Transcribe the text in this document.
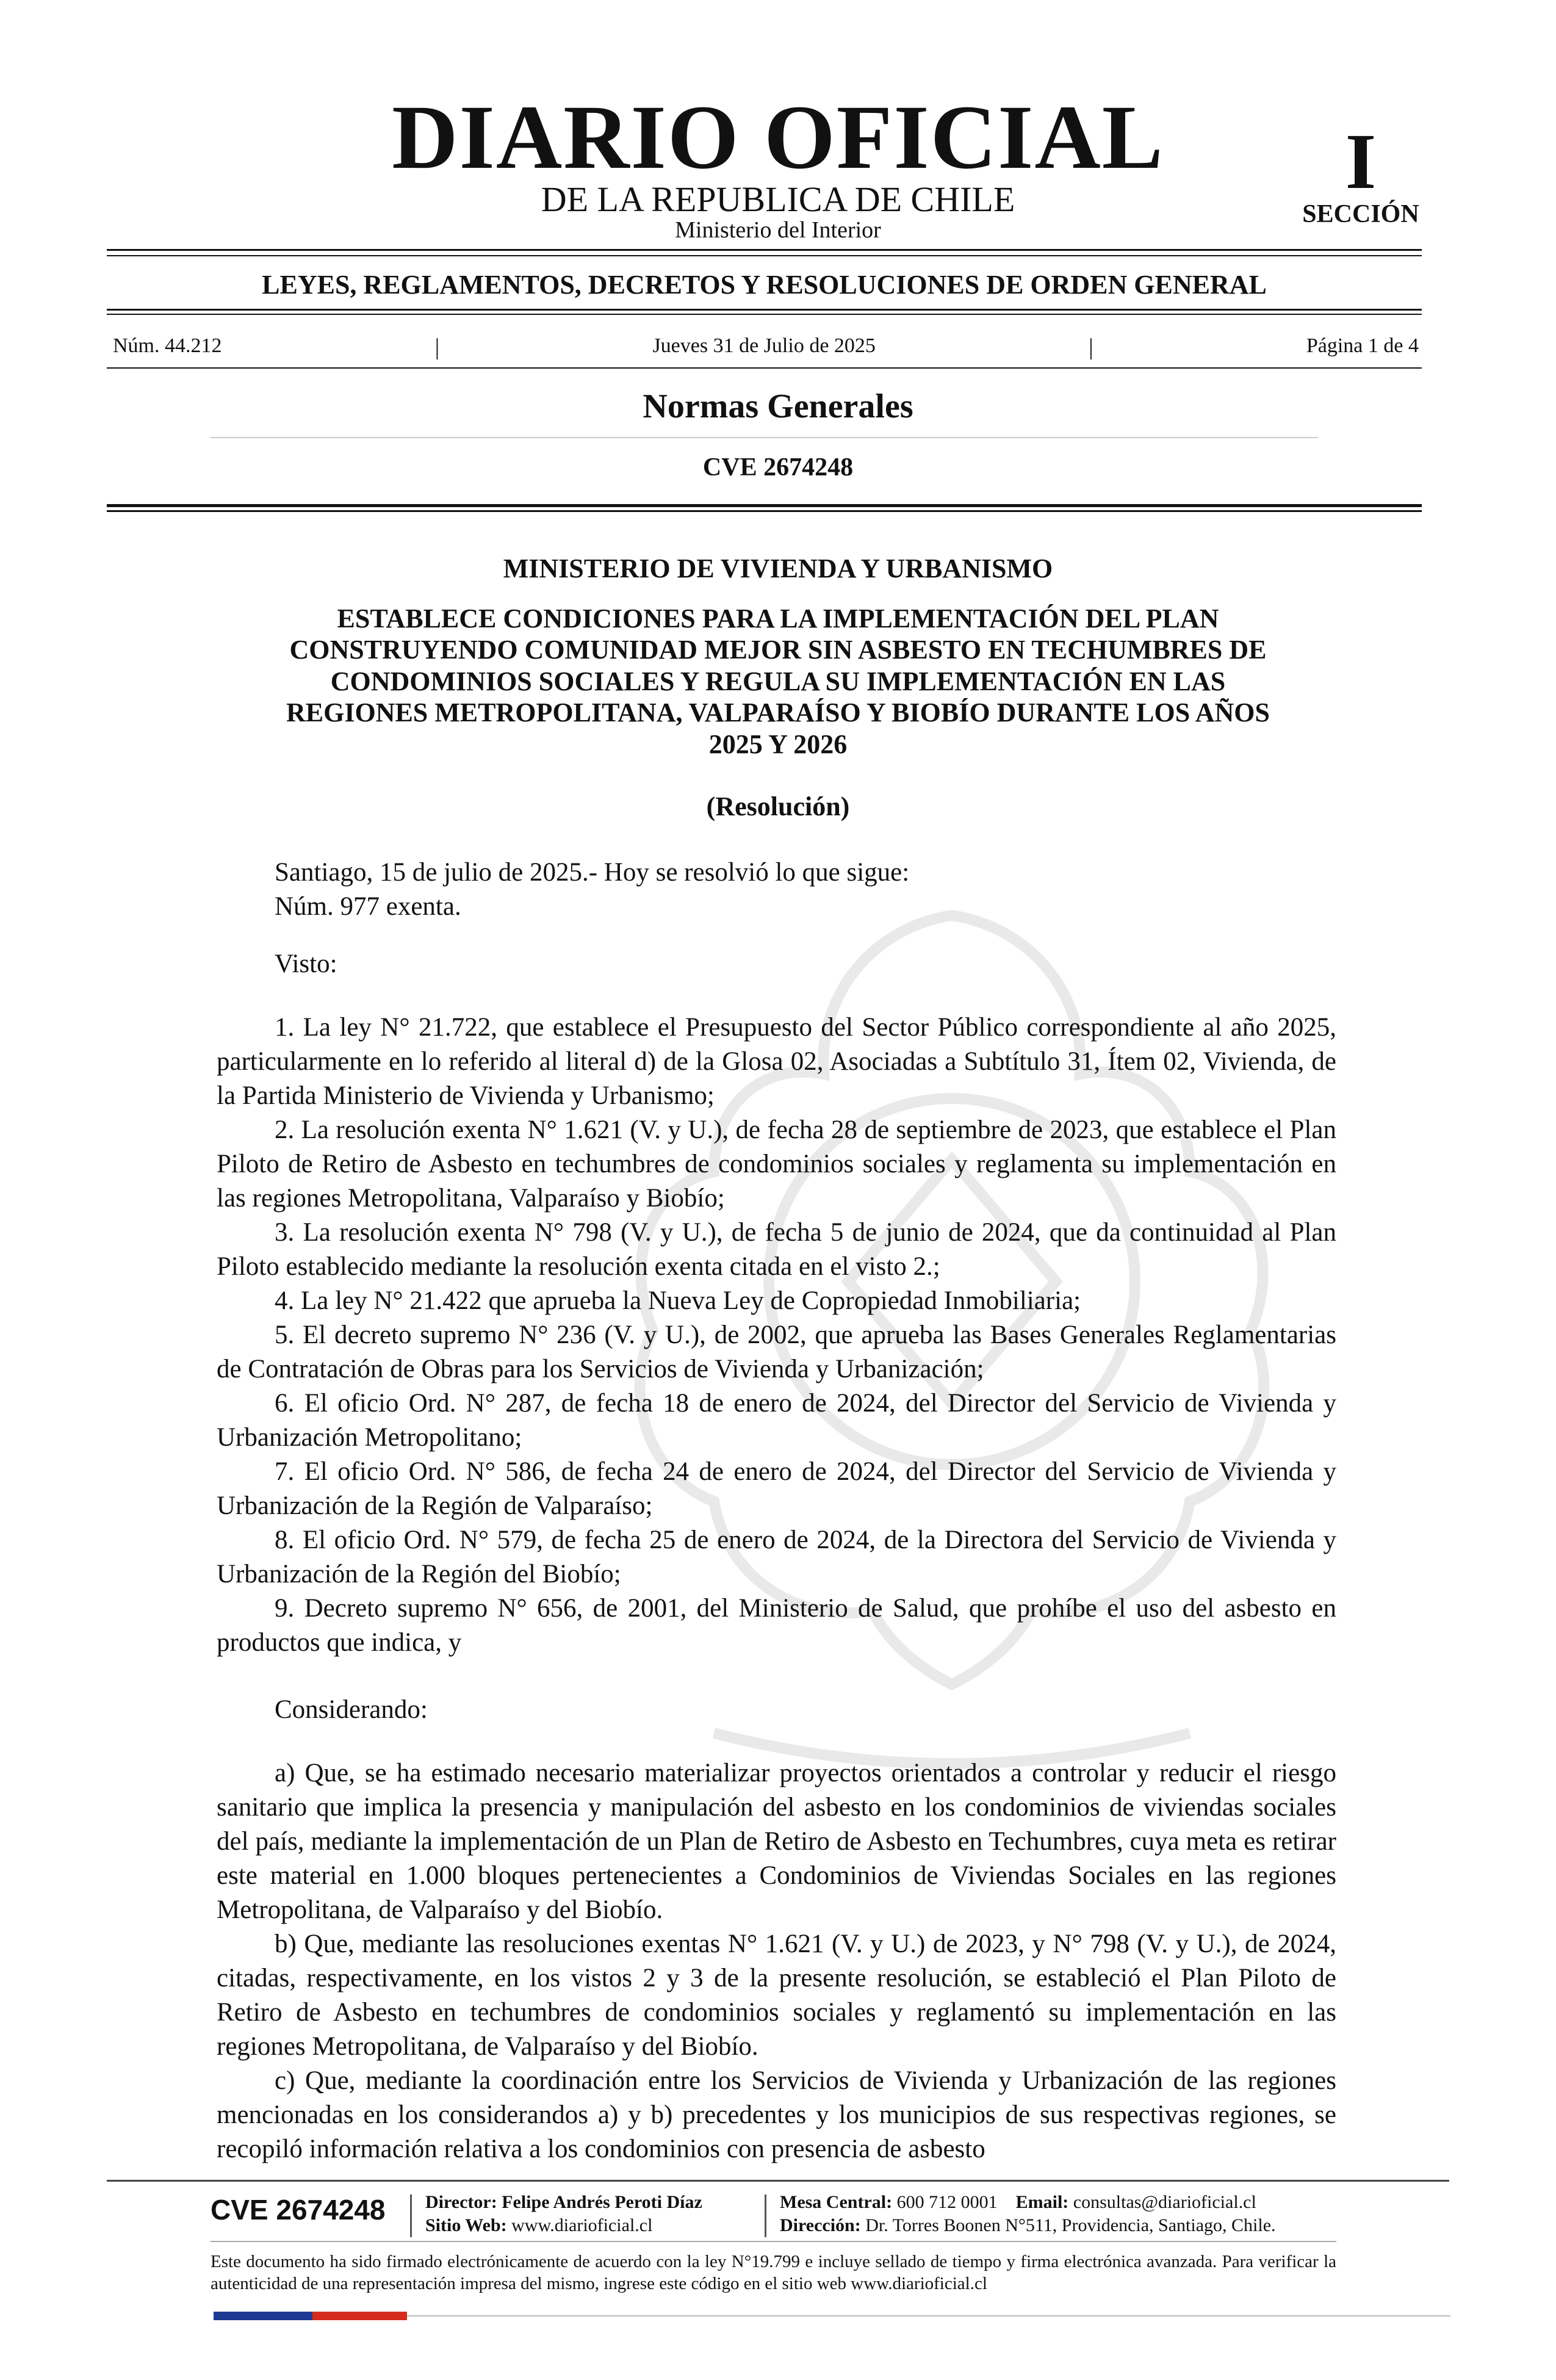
DIARIO OFICIAL
DE LA REPUBLICA DE CHILE
Ministerio del Interior
I
SECCIÓN
LEYES, REGLAMENTOS, DECRETOS Y RESOLUCIONES DE ORDEN GENERAL
Núm. 44.212	|	Jueves 31 de Julio de 2025	|	Página 1 de 4
Normas Generales
CVE 2674248
MINISTERIO DE VIVIENDA Y URBANISMO
ESTABLECE CONDICIONES PARA LA IMPLEMENTACIÓN DEL PLAN
CONSTRUYENDO COMUNIDAD MEJOR SIN ASBESTO EN TECHUMBRES DE
CONDOMINIOS SOCIALES Y REGULA SU IMPLEMENTACIÓN EN LAS
REGIONES METROPOLITANA, VALPARAÍSO Y BIOBÍO DURANTE LOS AÑOS
2025 Y 2026
(Resolución)
Santiago, 15 de julio de 2025.- Hoy se resolvió lo que sigue:
Núm. 977 exenta.
Visto:

1. La ley N° 21.722, que establece el Presupuesto del Sector Público correspondiente al año 2025, particularmente en lo referido al literal d) de la Glosa 02, Asociadas a Subtítulo 31, Ítem 02, Vivienda, de la Partida Ministerio de Vivienda y Urbanismo;

2. La resolución exenta N° 1.621 (V. y U.), de fecha 28 de septiembre de 2023, que establece el Plan Piloto de Retiro de Asbesto en techumbres de condominios sociales y reglamenta su implementación en las regiones Metropolitana, Valparaíso y Biobío;

3. La resolución exenta N° 798 (V. y U.), de fecha 5 de junio de 2024, que da continuidad al Plan Piloto establecido mediante la resolución exenta citada en el visto 2.;

4. La ley N° 21.422 que aprueba la Nueva Ley de Copropiedad Inmobiliaria;

5. El decreto supremo N° 236 (V. y U.), de 2002, que aprueba las Bases Generales Reglamentarias de Contratación de Obras para los Servicios de Vivienda y Urbanización;

6. El oficio Ord. N° 287, de fecha 18 de enero de 2024, del Director del Servicio de Vivienda y Urbanización Metropolitano;

7. El oficio Ord. N° 586, de fecha 24 de enero de 2024, del Director del Servicio de Vivienda y Urbanización de la Región de Valparaíso;

8. El oficio Ord. N° 579, de fecha 25 de enero de 2024, de la Directora del Servicio de Vivienda y Urbanización de la Región del Biobío;

9. Decreto supremo N° 656, de 2001, del Ministerio de Salud, que prohíbe el uso del asbesto en productos que indica, y

Considerando:

a) Que, se ha estimado necesario materializar proyectos orientados a controlar y reducir el riesgo sanitario que implica la presencia y manipulación del asbesto en los condominios de viviendas sociales del país, mediante la implementación de un Plan de Retiro de Asbesto en Techumbres, cuya meta es retirar este material en 1.000 bloques pertenecientes a Condominios de Viviendas Sociales en las regiones Metropolitana, de Valparaíso y del Biobío.

b) Que, mediante las resoluciones exentas N° 1.621 (V. y U.) de 2023, y N° 798 (V. y U.), de 2024, citadas, respectivamente, en los vistos 2 y 3 de la presente resolución, se estableció el Plan Piloto de Retiro de Asbesto en techumbres de condominios sociales y reglamentó su implementación en las regiones Metropolitana, de Valparaíso y del Biobío.

c) Que, mediante la coordinación entre los Servicios de Vivienda y Urbanización de las regiones mencionadas en los considerandos a) y b) precedentes y los municipios de sus respectivas regiones, se recopiló información relativa a los condominios con presencia de asbesto

CVE 2674248 Director: Felipe Andrés Peroti Díaz
Sitio Web: www.diarioficial.cl
Mesa Central: 600 712 0001 Email: consultas@diarioficial.cl
Dirección: Dr. Torres Boonen N°511, Providencia, Santiago, Chile.
Este documento ha sido firmado electrónicamente de acuerdo con la ley N°19.799 e incluye sellado de tiempo y firma electrónica avanzada. Para verificar la autenticidad de una representación impresa del mismo, ingrese este código en el sitio web www.diarioficial.cl
